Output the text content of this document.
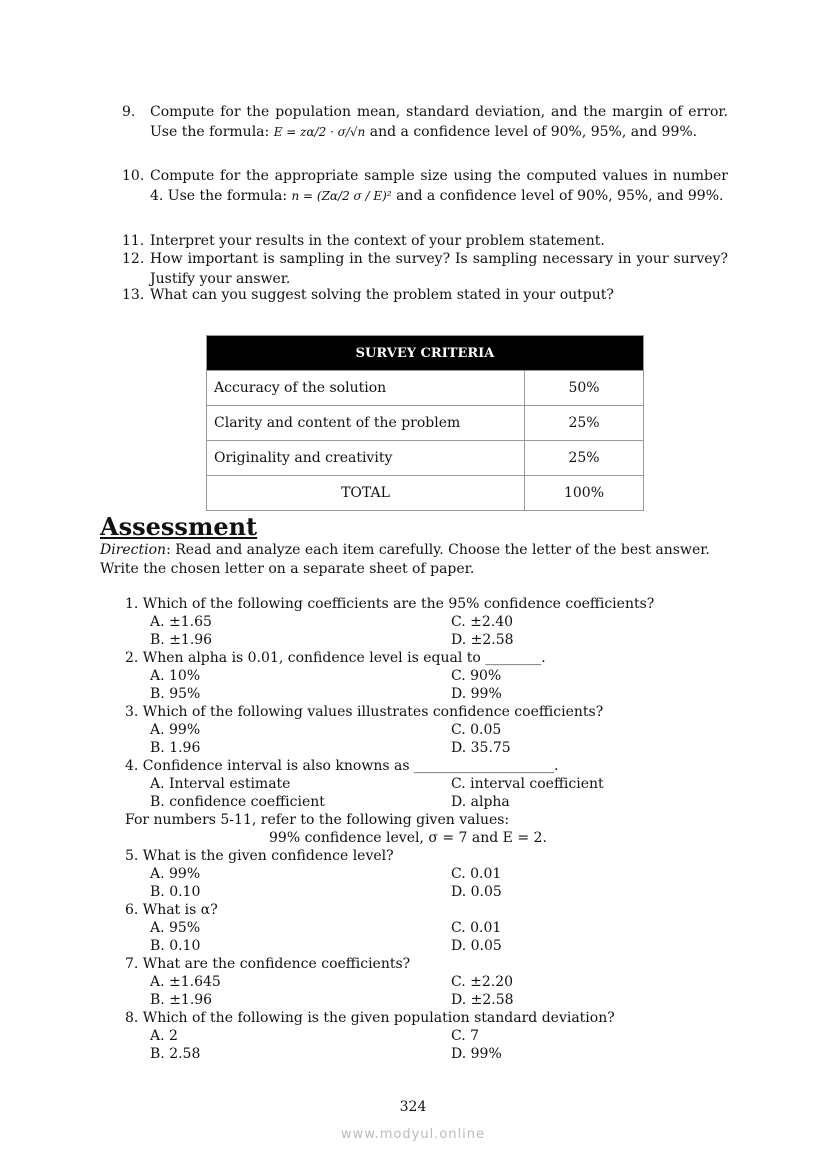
9. Compute for the population mean, standard deviation, and the margin of error. Use the formula: E = zα/2 · σ/√n and a confidence level of 90%, 95%, and 99%.
10. Compute for the appropriate sample size using the computed values in number 4. Use the formula: n = (Zα/2 σ / E)² and a confidence level of 90%, 95%, and 99%.
11. Interpret your results in the context of your problem statement.
12. How important is sampling in the survey? Is sampling necessary in your survey? Justify your answer.
13. What can you suggest solving the problem stated in your output?
SURVEY CRITERIA	
Accuracy of the solution	50%
Clarity and content of the problem	25%
Originality and creativity	25%
TOTAL	100%
Assessment
Direction: Read and analyze each item carefully. Choose the letter of the best answer. Write the chosen letter on a separate sheet of paper.
1. Which of the following coefficients are the 95% confidence coefficients?
A. ±1.65	C. ±2.40
B. ±1.96	D. ±2.58
2. When alpha is 0.01, confidence level is equal to ________.
A. 10%	C. 90%
B. 95%	D. 99%
3. Which of the following values illustrates confidence coefficients?
A. 99%	C. 0.05
B. 1.96	D. 35.75
4. Confidence interval is also knowns as ____________________.
A. Interval estimate	C. interval coefficient
B. confidence coefficient	D. alpha
For numbers 5-11, refer to the following given values:
99% confidence level, σ = 7 and E = 2.
5. What is the given confidence level?
A. 99%	C. 0.01
B. 0.10	D. 0.05
6. What is α?
A. 95%	C. 0.01
B. 0.10	D. 0.05
7. What are the confidence coefficients?
A. ±1.645	C. ±2.20
B. ±1.96	D. ±2.58
8. Which of the following is the given population standard deviation?
A. 2	C. 7
B. 2.58	D. 99%
324
www.modyul.online
